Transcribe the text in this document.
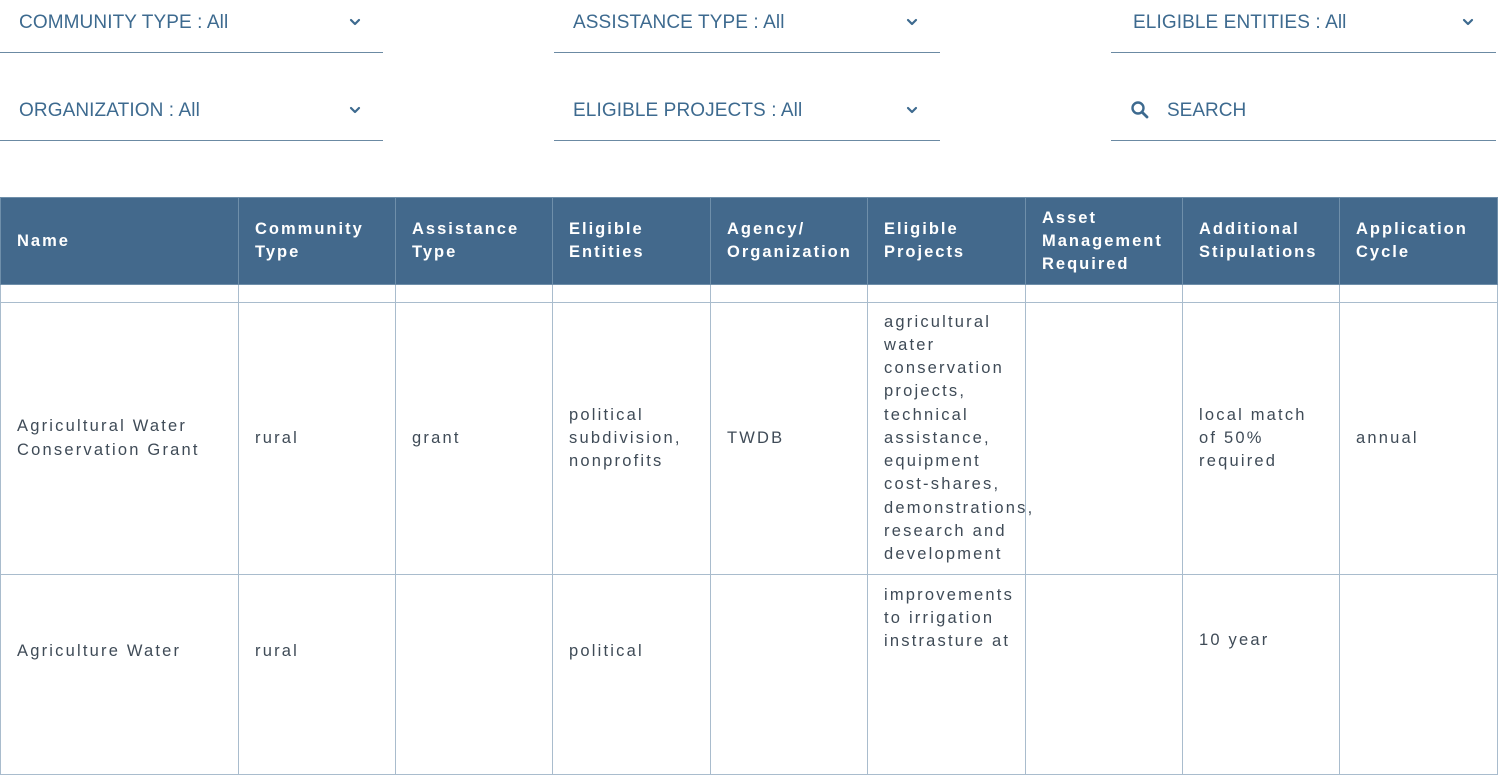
COMMUNITY TYPE : All	ASSISTANCE TYPE : All	ELIGIBLE ENTITIES : All
ORGANIZATION : All	ELIGIBLE PROJECTS : All
SEARCH
Name	Community Type	Assistance Type	Eligible Entities	Agency/ Organization	Eligible Projects	Asset Management Required	Additional Stipulations	Application Cycle

Agricultural Water Conservation Grant	rural	grant	political subdivision, nonprofits	TWDB	agricultural water conservation projects, technical assistance, equipment cost-shares, demonstrations, research and development		local match of 50% required	annual
Agriculture Water	rural		political		improvements to irrigation instrasture at		10 year	
